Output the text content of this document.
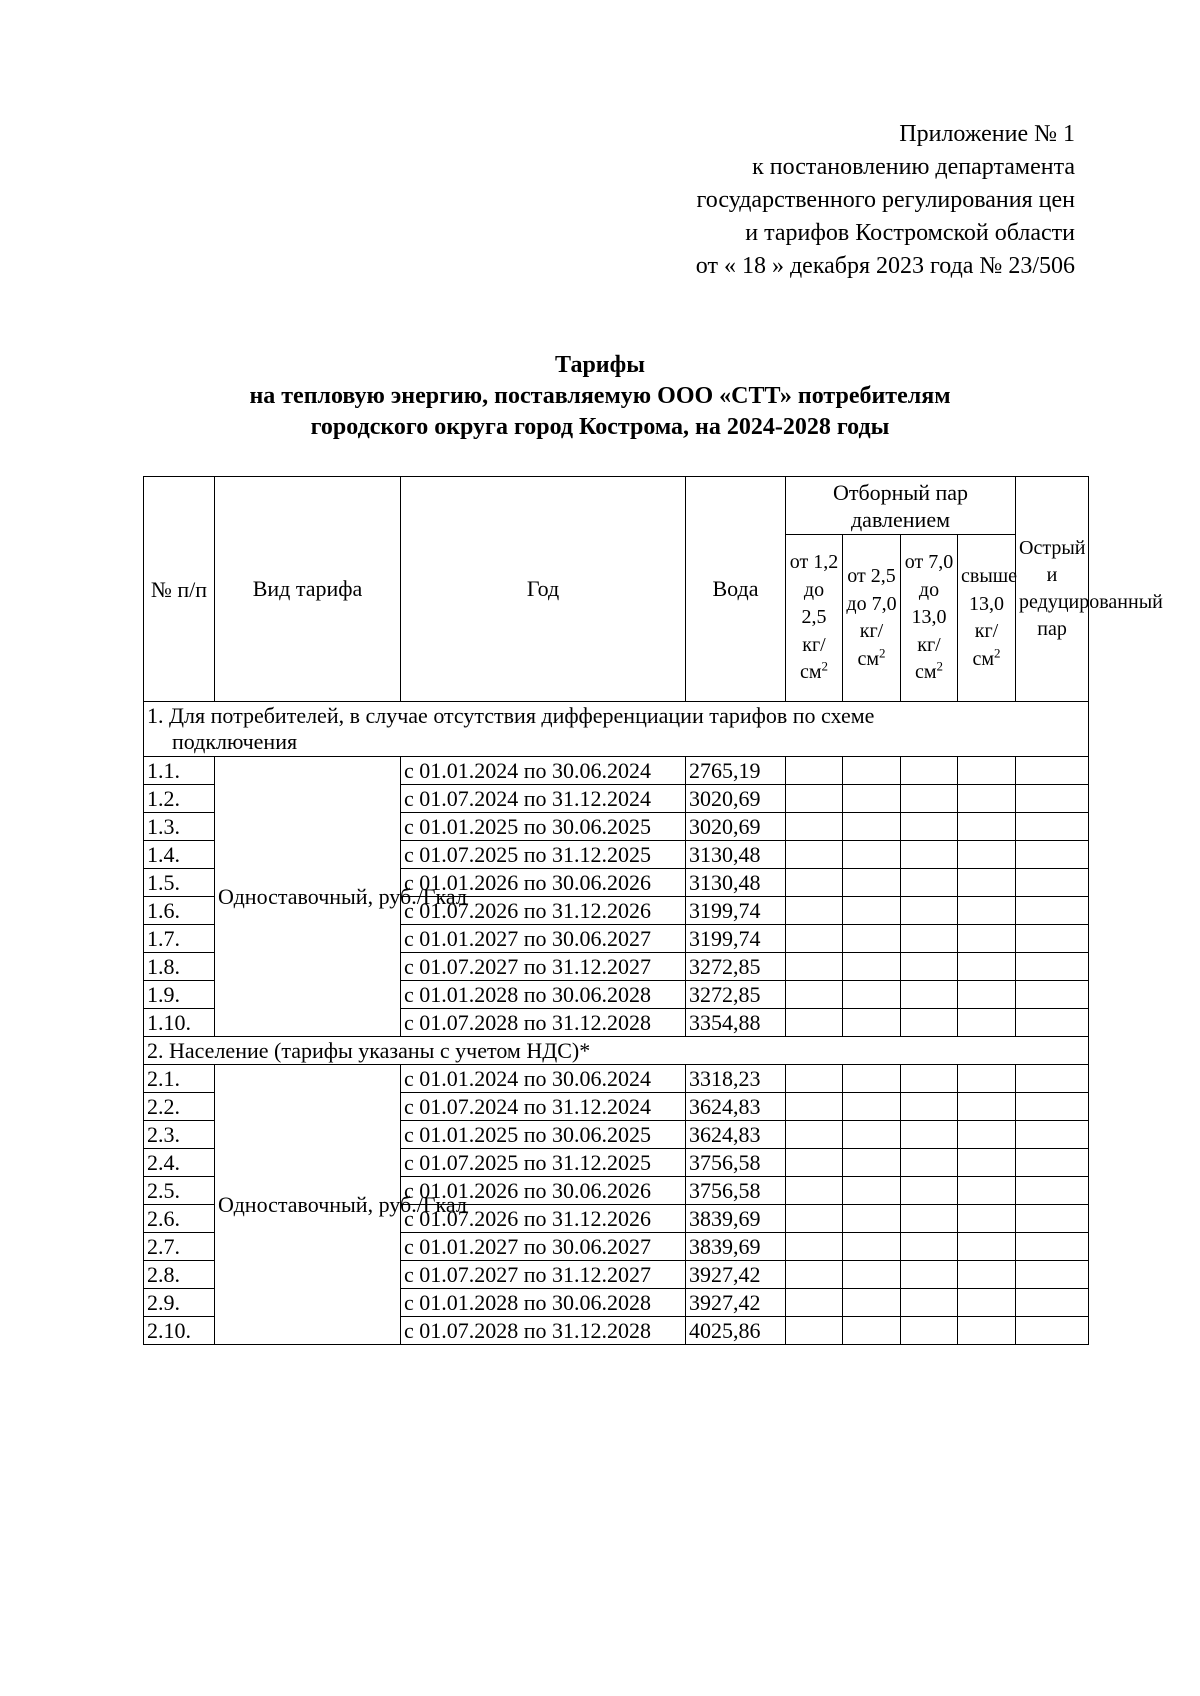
Приложение № 1
к постановлению департамента
государственного регулирования цен
и тарифов Костромской области
от « 18 » декабря 2023 года № 23/506
Тарифы
на тепловую энергию, поставляемую ООО «СТТ» потребителям
городского округа город Кострома, на 2024-2028 годы
№ п/п	Вид тарифа	Год	Вода	Отборный пар давлением				Острый и редуцированный пар
				от 1,2 до 2,5 $кг/см^2$	от 2,5 до 7,0 $кг/см^2$	от 7,0 до 13,0 $кг/см^2$	свыше 13,0 $кг/см^2$

1. Для потребителей, в случае отсутствия дифференциации тарифов по схеме
подключения								

1.1.	Одноставочный, руб./Гкал	с 01.01.2024 по 30.06.2024	2765,19					
1.2.		с 01.07.2024 по 31.12.2024	3020,69					
1.3.		с 01.01.2025 по 30.06.2025	3020,69					
1.4.		с 01.07.2025 по 31.12.2025	3130,48					
1.5.		с 01.01.2026 по 30.06.2026	3130,48					
1.6.		с 01.07.2026 по 31.12.2026	3199,74					
1.7.		с 01.01.2027 по 30.06.2027	3199,74					
1.8.		с 01.07.2027 по 31.12.2027	3272,85					
1.9.		с 01.01.2028 по 30.06.2028	3272,85					
1.10.		с 01.07.2028 по 31.12.2028	3354,88					

2. Население (тарифы указаны с учетом НДС)*								

2.1.	Одноставочный, руб./Гкал	с 01.01.2024 по 30.06.2024	3318,23					
2.2.		с 01.07.2024 по 31.12.2024	3624,83					
2.3.		с 01.01.2025 по 30.06.2025	3624,83					
2.4.		с 01.07.2025 по 31.12.2025	3756,58					
2.5.		с 01.01.2026 по 30.06.2026	3756,58					
2.6.		с 01.07.2026 по 31.12.2026	3839,69					
2.7.		с 01.01.2027 по 30.06.2027	3839,69					
2.8.		с 01.07.2027 по 31.12.2027	3927,42					
2.9.		с 01.01.2028 по 30.06.2028	3927,42					
2.10.		с 01.07.2028 по 31.12.2028	4025,86					
